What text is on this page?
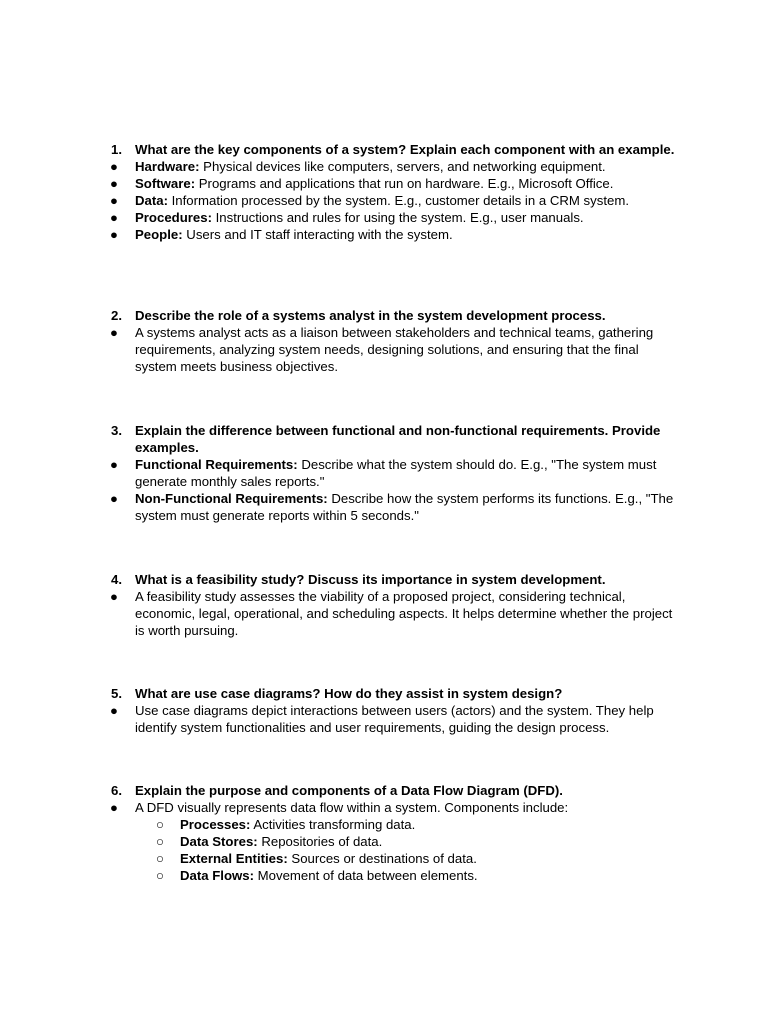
1. What are the key components of a system? Explain each component with an example.
●	Hardware: Physical devices like computers, servers, and networking equipment.
●	Software: Programs and applications that run on hardware. E.g., Microsoft Office.
●	Data: Information processed by the system. E.g., customer details in a CRM system.
●	Procedures: Instructions and rules for using the system. E.g., user manuals.
●	People: Users and IT staff interacting with the system.
2. Describe the role of a systems analyst in the system development process.
●	A systems analyst acts as a liaison between stakeholders and technical teams, gathering requirements, analyzing system needs, designing solutions, and ensuring that the final system meets business objectives.
3. Explain the difference between functional and non-functional requirements. Provide examples.
●	Functional Requirements: Describe what the system should do. E.g., "The system must generate monthly sales reports."
●	Non-Functional Requirements: Describe how the system performs its functions. E.g., "The system must generate reports within 5 seconds."
4. What is a feasibility study? Discuss its importance in system development.
●	A feasibility study assesses the viability of a proposed project, considering technical, economic, legal, operational, and scheduling aspects. It helps determine whether the project is worth pursuing.
5. What are use case diagrams? How do they assist in system design?
●	Use case diagrams depict interactions between users (actors) and the system. They help identify system functionalities and user requirements, guiding the design process.
6. Explain the purpose and components of a Data Flow Diagram (DFD).
●	A DFD visually represents data flow within a system. Components include:
○	Processes: Activities transforming data.
○	Data Stores: Repositories of data.
○	External Entities: Sources or destinations of data.
○	Data Flows: Movement of data between elements.
